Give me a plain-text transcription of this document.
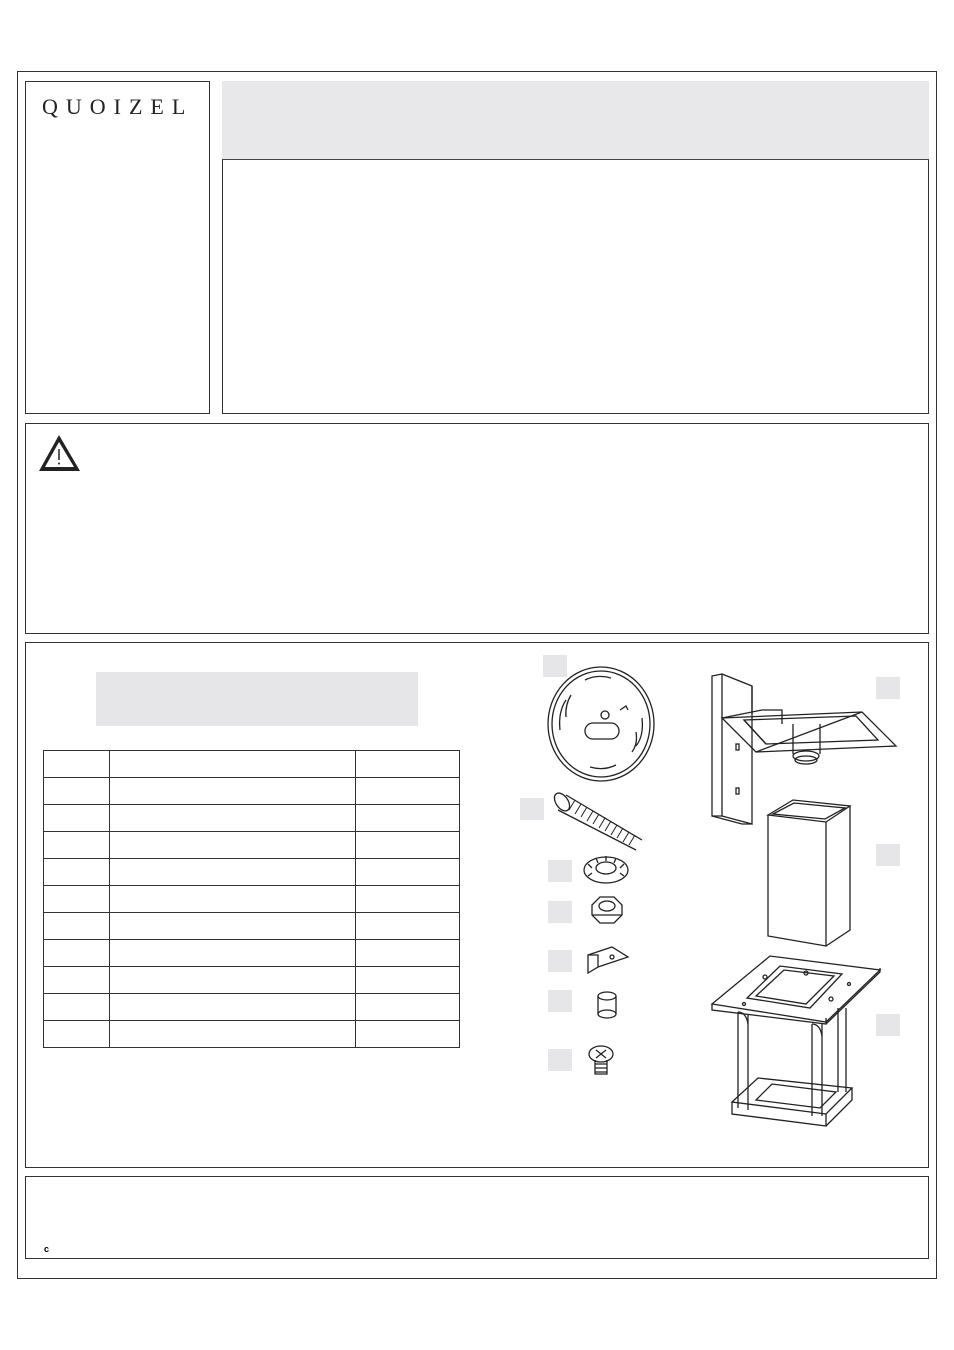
QUOIZEL

c
